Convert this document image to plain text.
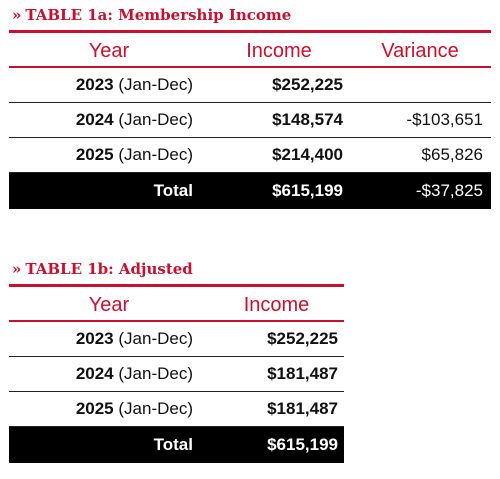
» TABLE 1a: Membership Income
Year	Income	Variance
2023 (Jan-Dec)	$252,225	
2024 (Jan-Dec)	$148,574	-$103,651
2025 (Jan-Dec)	$214,400	$65,826
Total	$615,199	-$37,825
» TABLE 1b: Adjusted
Year	Income
2023 (Jan-Dec)	$252,225
2024 (Jan-Dec)	$181,487
2025 (Jan-Dec)	$181,487
Total	$615,199
